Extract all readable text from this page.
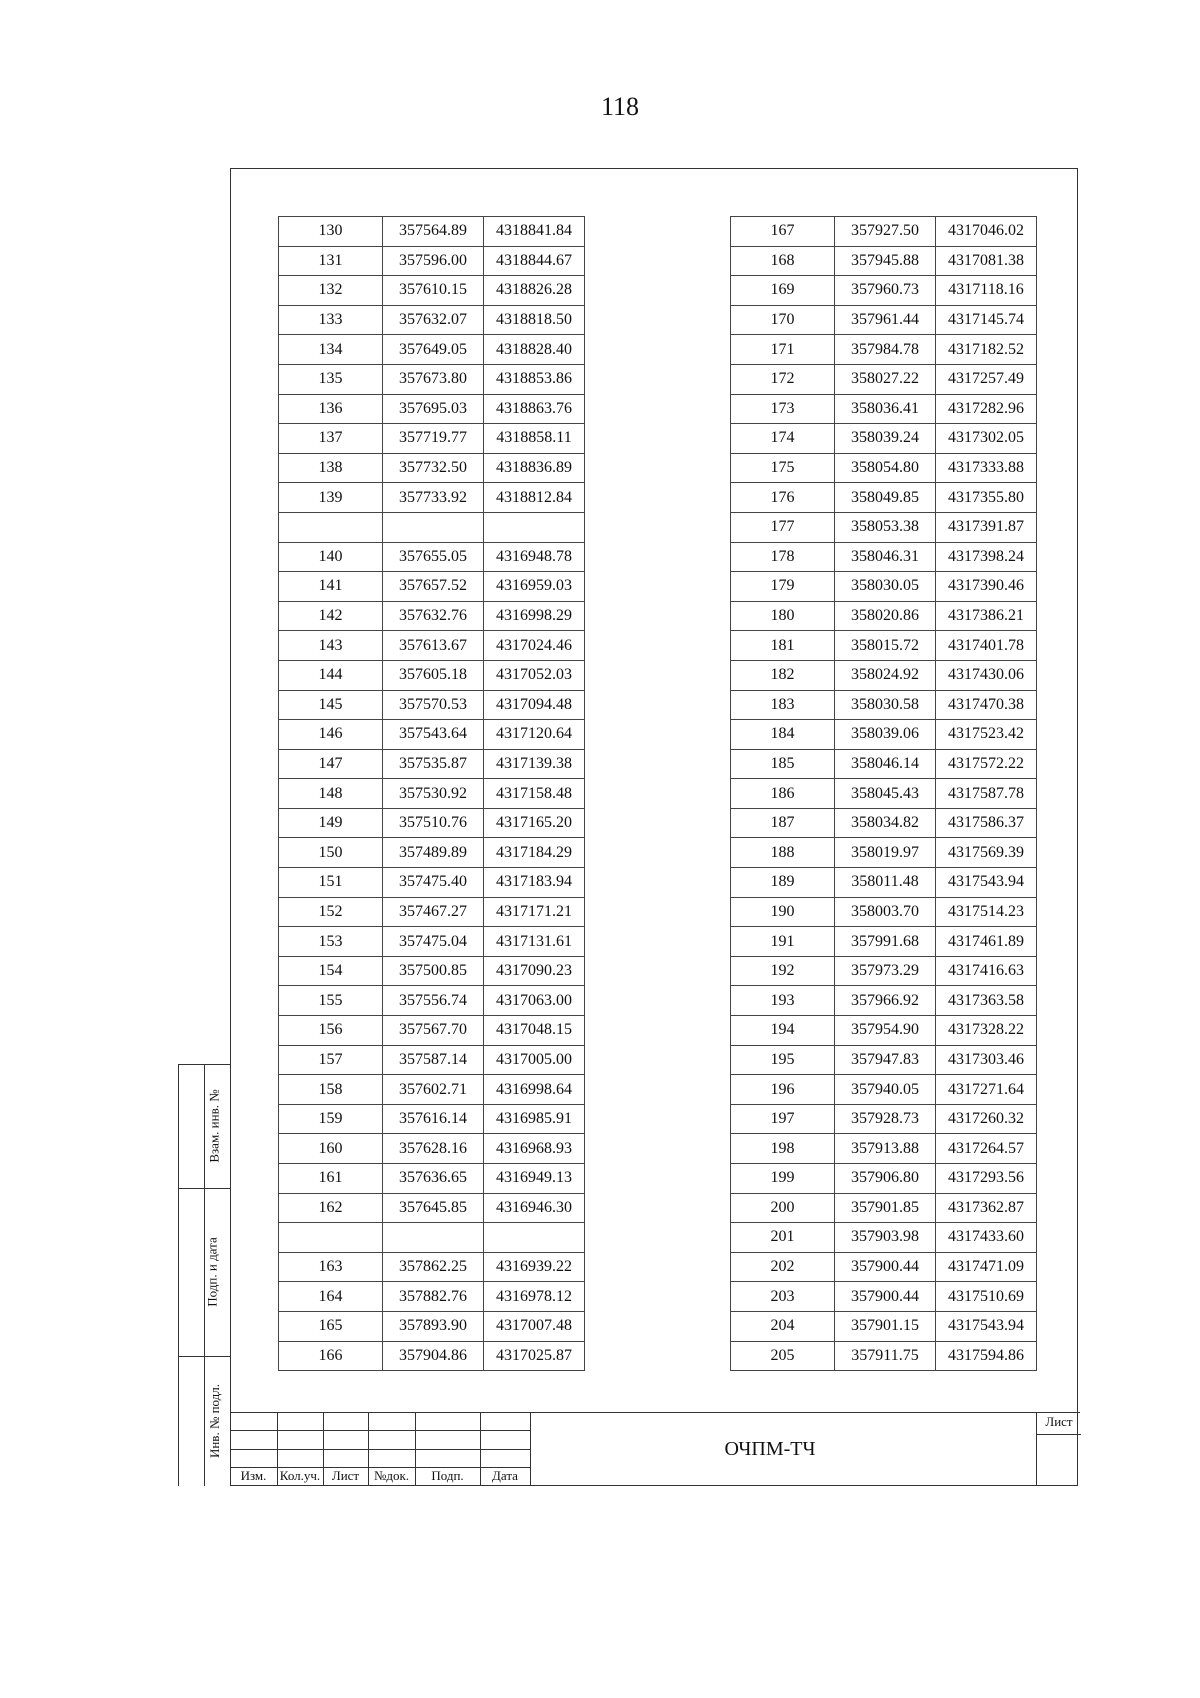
118
130	357564.89	4318841.84
131	357596.00	4318844.67
132	357610.15	4318826.28
133	357632.07	4318818.50
134	357649.05	4318828.40
135	357673.80	4318853.86
136	357695.03	4318863.76
137	357719.77	4318858.11
138	357732.50	4318836.89
139	357733.92	4318812.84

140	357655.05	4316948.78
141	357657.52	4316959.03
142	357632.76	4316998.29
143	357613.67	4317024.46
144	357605.18	4317052.03
145	357570.53	4317094.48
146	357543.64	4317120.64
147	357535.87	4317139.38
148	357530.92	4317158.48
149	357510.76	4317165.20
150	357489.89	4317184.29
151	357475.40	4317183.94
152	357467.27	4317171.21
153	357475.04	4317131.61
154	357500.85	4317090.23
155	357556.74	4317063.00
156	357567.70	4317048.15
157	357587.14	4317005.00
158	357602.71	4316998.64
159	357616.14	4316985.91
160	357628.16	4316968.93
161	357636.65	4316949.13
162	357645.85	4316946.30

163	357862.25	4316939.22
164	357882.76	4316978.12
165	357893.90	4317007.48
166	357904.86	4317025.87
167	357927.50	4317046.02
168	357945.88	4317081.38
169	357960.73	4317118.16
170	357961.44	4317145.74
171	357984.78	4317182.52
172	358027.22	4317257.49
173	358036.41	4317282.96
174	358039.24	4317302.05
175	358054.80	4317333.88
176	358049.85	4317355.80
177	358053.38	4317391.87
178	358046.31	4317398.24
179	358030.05	4317390.46
180	358020.86	4317386.21
181	358015.72	4317401.78
182	358024.92	4317430.06
183	358030.58	4317470.38
184	358039.06	4317523.42
185	358046.14	4317572.22
186	358045.43	4317587.78
187	358034.82	4317586.37
188	358019.97	4317569.39
189	358011.48	4317543.94
190	358003.70	4317514.23
191	357991.68	4317461.89
192	357973.29	4317416.63
193	357966.92	4317363.58
194	357954.90	4317328.22
195	357947.83	4317303.46
196	357940.05	4317271.64
197	357928.73	4317260.32
198	357913.88	4317264.57
199	357906.80	4317293.56
200	357901.85	4317362.87
201	357903.98	4317433.60
202	357900.44	4317471.09
203	357900.44	4317510.69
204	357901.15	4317543.94
205	357911.75	4317594.86
Изм.	Кол.уч. Лист	№док.	Подп.	Дата
ОЧПМ-ТЧ
Лист
Взам. инв. №
Подп. и дата
Инв. № подл.
